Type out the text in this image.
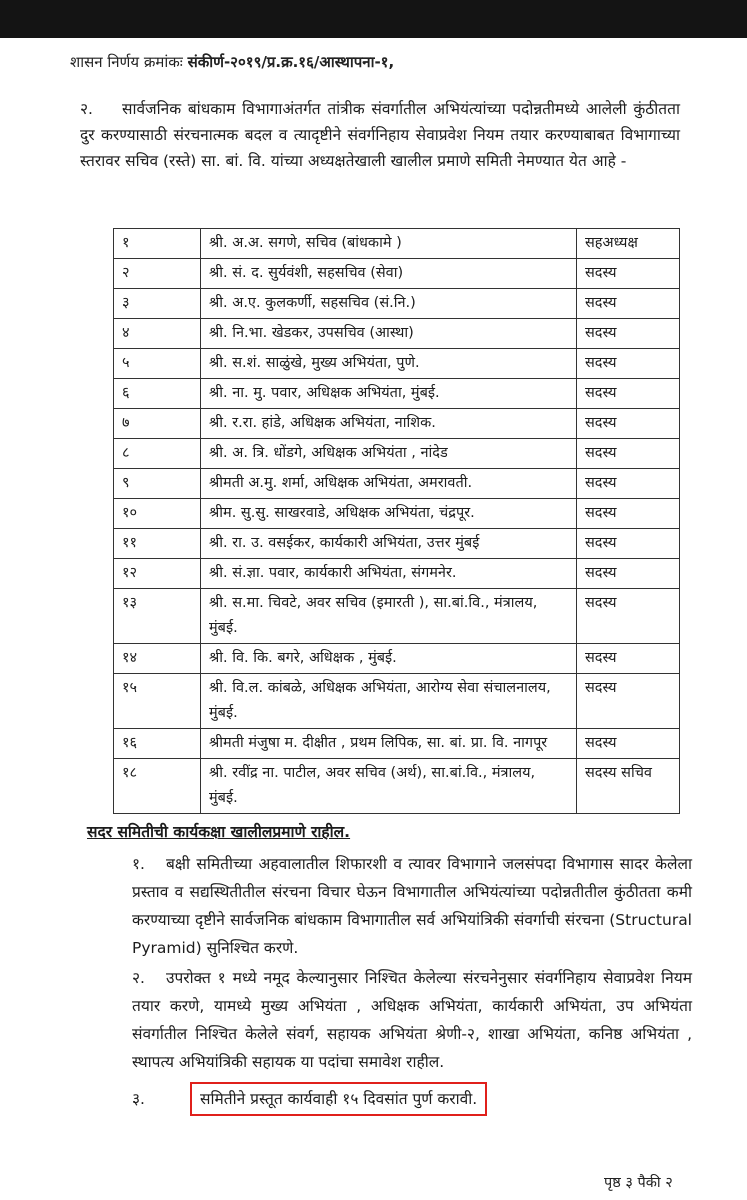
शासन निर्णय क्रमांकः संकीर्ण-२०१९/प्र.क्र.१६/आस्थापना-१,
२. सार्वजनिक बांधकाम विभागाअंतर्गत तांत्रीक संवर्गातील अभियंत्यांच्या पदोन्नतीमध्ये आलेली कुंठीतता दुर करण्यासाठी संरचनात्मक बदल व त्यादृष्टीने संवर्गनिहाय सेवाप्रवेश नियम तयार करण्याबाबत विभागाच्या स्तरावर सचिव (रस्ते) सा. बां. वि. यांच्या अध्यक्षतेखाली खालील प्रमाणे समिती नेमण्यात येत आहे -
१	श्री. अ.अ. सगणे, सचिव (बांधकामे )	सहअध्यक्ष
२	श्री. सं. द. सुर्यवंशी, सहसचिव (सेवा)	सदस्य
३	श्री. अ.ए. कुलकर्णी, सहसचिव (सं.नि.)	सदस्य
४	श्री. नि.भा. खेडकर, उपसचिव (आस्था)	सदस्य
५	श्री. स.शं. साळुंखे, मुख्य अभियंता, पुणे.	सदस्य
६	श्री. ना. मु. पवार, अधिक्षक अभियंता, मुंबई.	सदस्य
७	श्री. र.रा. हांडे, अधिक्षक अभियंता, नाशिक.	सदस्य
८	श्री. अ. त्रि. धोंडगे, अधिक्षक अभियंता , नांदेड	सदस्य
९	श्रीमती अ.मु. शर्मा, अधिक्षक अभियंता, अमरावती.	सदस्य
१०	श्रीम. सु.सु. साखरवाडे, अधिक्षक अभियंता, चंद्रपूर.	सदस्य
११	श्री. रा. उ. वसईकर, कार्यकारी अभियंता, उत्तर मुंबई	सदस्य
१२	श्री. सं.ज्ञा. पवार, कार्यकारी अभियंता, संगमनेर.	सदस्य
१३	श्री. स.मा. चिवटे, अवर सचिव (इमारती ), सा.बां.वि., मंत्रालय, मुंबई.	सदस्य
१४	श्री. वि. कि. बगरे, अधिक्षक , मुंबई.	सदस्य
१५	श्री. वि.ल. कांबळे, अधिक्षक अभियंता, आरोग्य सेवा संचालनालय, मुंबई.	सदस्य
१६	श्रीमती मंजुषा म. दीक्षीत , प्रथम लिपिक, सा. बां. प्रा. वि. नागपूर	सदस्य
१८	श्री. रवींद्र ना. पाटील, अवर सचिव (अर्थ), सा.बां.वि., मंत्रालय, मुंबई.	सदस्य सचिव
सदर समितीची कार्यकक्षा खालीलप्रमाणे राहील.

१. बक्षी समितीच्या अहवालातील शिफारशी व त्यावर विभागाने जलसंपदा विभागास सादर केलेला प्रस्ताव व सद्यस्थितीतील संरचना विचार घेऊन विभागातील अभियंत्यांच्या पदोन्नतीतील कुंठीतता कमी करण्याच्या दृष्टीने सार्वजनिक बांधकाम विभागातील सर्व अभियांत्रिकी संवर्गाची संरचना (Structural Pyramid) सुनिश्चित करणे.

२. उपरोक्त १ मध्ये नमूद केल्यानुसार निश्चित केलेल्या संरचनेनुसार संवर्गनिहाय सेवाप्रवेश नियम तयार करणे, यामध्ये मुख्य अभियंता , अधिक्षक अभियंता, कार्यकारी अभियंता, उप अभियंता संवर्गातील निश्चित केलेले संवर्ग, सहायक अभियंता श्रेणी-२, शाखा अभियंता, कनिष्ठ अभियंता , स्थापत्य अभियांत्रिकी सहायक या पदांचा समावेश राहील.

३.	समितीने प्रस्तूत कार्यवाही १५ दिवसांत पुर्ण करावी.

पृष्ठ ३ पैकी २
